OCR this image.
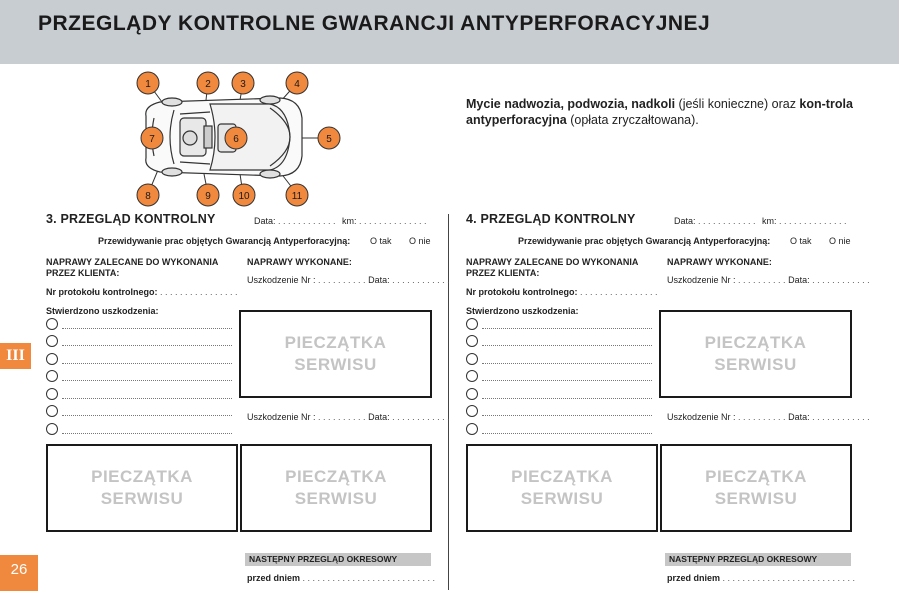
PRZEGLĄDY KONTROLNE GWARANCJI ANTYPERFORACYJNEJ
1	2	3	4
5
6
7
8	9	10	11
Mycie nadwozia, podwozia, nadkoli (jeśli konieczne) oraz kon-trola antyperforacyjna (opłata zryczałtowana).
III
26
3. PRZEGLĄD KONTROLNY	Data: . . . . . . . . . . . . km: . . . . . . . . . . . . . .
Przewidywanie prac objętych Gwarancją Antyperforacyjną: O tak O nie
NAPRAWY ZALECANE DO WYKONANIA
PRZEZ KLIENTA:
NAPRAWY WYKONANE:
Uszkodzenie Nr : . . . . . . . . . . Data: . . . . . . . . . . . .
Nr protokołu kontrolnego: . . . . . . . . . . . . . . . .
Stwierdzono uszkodzenia:
PIECZĄTKA
SERWISU
Uszkodzenie Nr : . . . . . . . . . . Data: . . . . . . . . . . . .
PIECZĄTKA
SERWISU
PIECZĄTKA
SERWISU
NASTĘPNY PRZEGLĄD OKRESOWY
przed dniem . . . . . . . . . . . . . . . . . . . . . . . . . . .
4. PRZEGLĄD KONTROLNY	Data: . . . . . . . . . . . . km: . . . . . . . . . . . . . .
Przewidywanie prac objętych Gwarancją Antyperforacyjną: O tak O nie
NAPRAWY ZALECANE DO WYKONANIA
PRZEZ KLIENTA:
NAPRAWY WYKONANE:
Uszkodzenie Nr : . . . . . . . . . . Data: . . . . . . . . . . . .
Nr protokołu kontrolnego: . . . . . . . . . . . . . . . .
Stwierdzono uszkodzenia:
PIECZĄTKA
SERWISU
Uszkodzenie Nr : . . . . . . . . . . Data: . . . . . . . . . . . .
PIECZĄTKA
SERWISU
PIECZĄTKA
SERWISU
NASTĘPNY PRZEGLĄD OKRESOWY
przed dniem . . . . . . . . . . . . . . . . . . . . . . . . . . .
